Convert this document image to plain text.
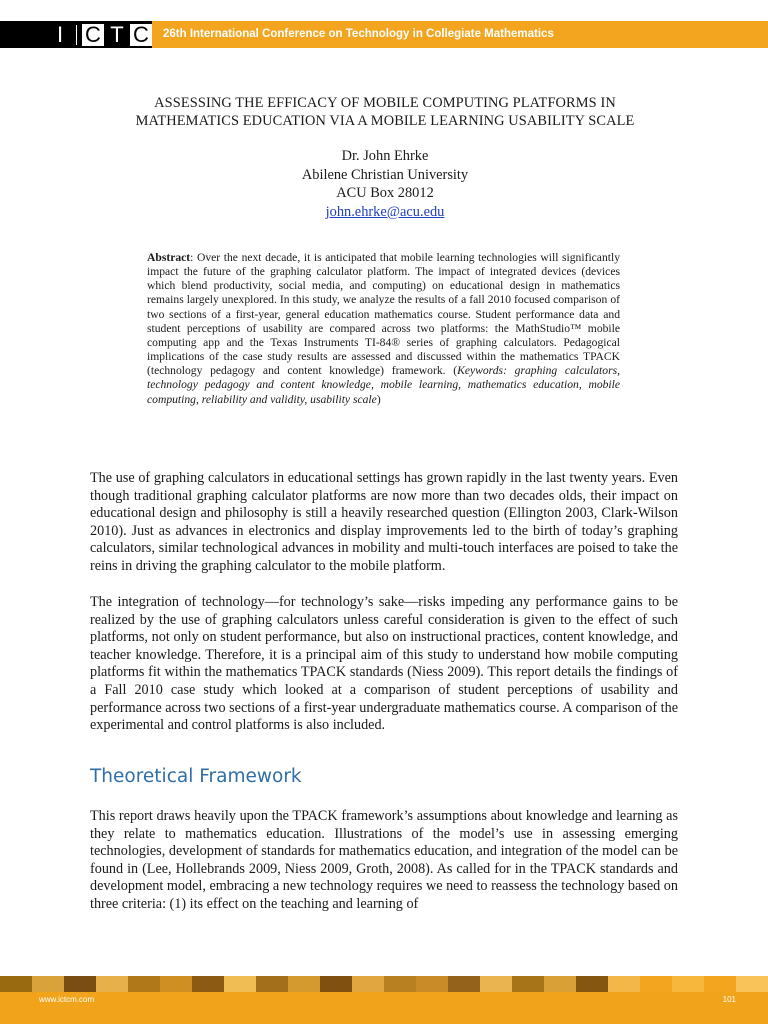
I C T C 26th International Conference on Technology in Collegiate Mathematics
ASSESSING THE EFFICACY OF MOBILE COMPUTING PLATFORMS IN
MATHEMATICS EDUCATION VIA A MOBILE LEARNING USABILITY SCALE
Dr. John Ehrke
Abilene Christian University
ACU Box 28012
john.ehrke@acu.edu
Abstract: Over the next decade, it is anticipated that mobile learning technologies will significantly impact the future of the graphing calculator platform. The impact of integrated devices (devices which blend productivity, social media, and computing) on educational design in mathematics remains largely unexplored. In this study, we analyze the results of a fall 2010 focused comparison of two sections of a first-year, general education mathematics course. Student performance data and student perceptions of usability are compared across two platforms: the MathStudio™ mobile computing app and the Texas Instruments TI-84® series of graphing calculators. Pedagogical implications of the case study results are assessed and discussed within the mathematics TPACK (technology pedagogy and content knowledge) framework. (Keywords: graphing calculators, technology pedagogy and content knowledge, mobile learning, mathematics education, mobile computing, reliability and validity, usability scale)
The use of graphing calculators in educational settings has grown rapidly in the last twenty years. Even though traditional graphing calculator platforms are now more than two decades olds, their impact on educational design and philosophy is still a heavily researched question (Ellington 2003, Clark-Wilson 2010). Just as advances in electronics and display improvements led to the birth of today’s graphing calculators, similar technological advances in mobility and multi-touch interfaces are poised to take the reins in driving the graphing calculator to the mobile platform.
The integration of technology—for technology’s sake—risks impeding any performance gains to be realized by the use of graphing calculators unless careful consideration is given to the effect of such platforms, not only on student performance, but also on instructional practices, content knowledge, and teacher knowledge. Therefore, it is a principal aim of this study to understand how mobile computing platforms fit within the mathematics TPACK standards (Niess 2009). This report details the findings of a Fall 2010 case study which looked at a comparison of student perceptions of usability and performance across two sections of a first-year undergraduate mathematics course. A comparison of the experimental and control platforms is also included.
Theoretical Framework
This report draws heavily upon the TPACK framework’s assumptions about knowledge and learning as they relate to mathematics education. Illustrations of the model’s use in assessing emerging technologies, development of standards for mathematics education, and integration of the model can be found in (Lee, Hollebrands 2009, Niess 2009, Groth, 2008). As called for in the TPACK standards and development model, embracing a new technology requires we need to reassess the technology based on three criteria: (1) its effect on the teaching and learning of
www.ictcm.com	101
